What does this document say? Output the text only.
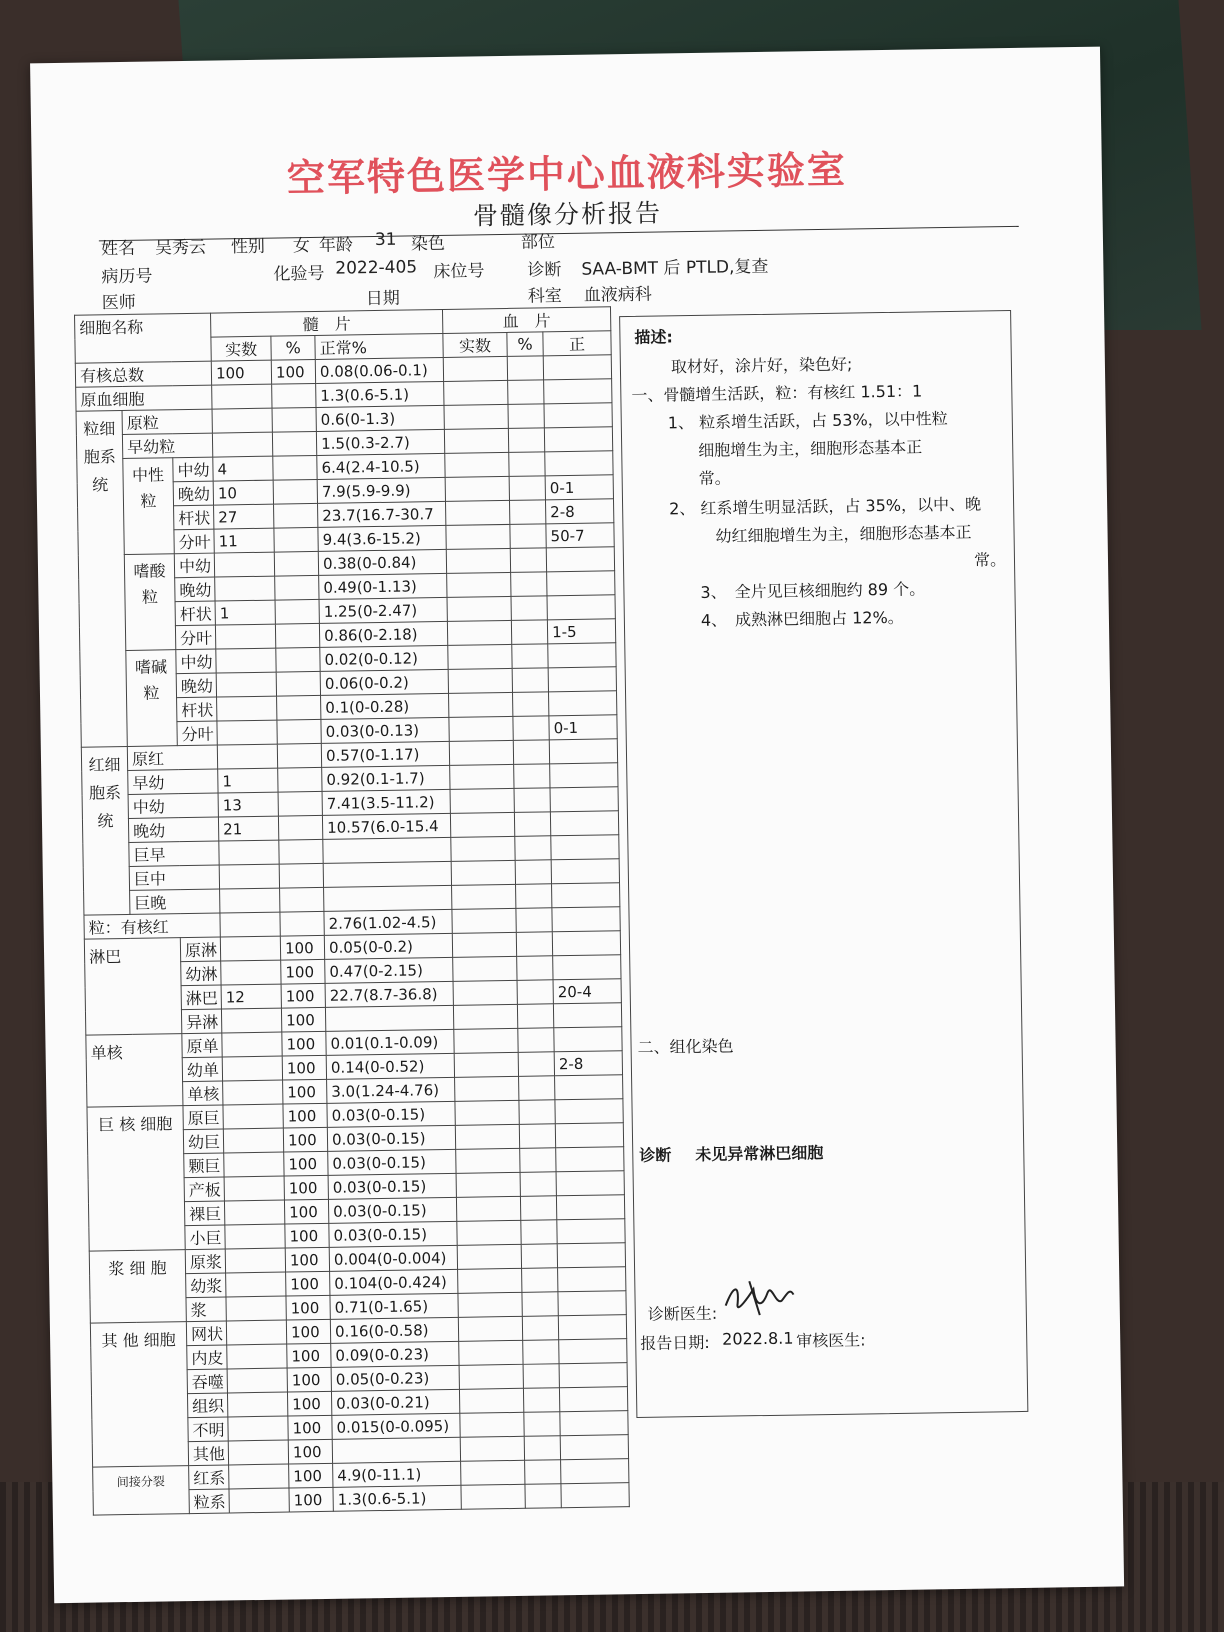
空军特色医学中心血液科实验室
骨髓像分析报告
姓名 吴秀云 性别 女 年龄 31 染色	部位
病历号	化验号 2022-405 床位号	诊断 SAA-BMT 后 PTLD,复查
医师	日期	科室 血液病科
细胞名称			髓　片			血　片		
			实数	%	正常%	实数	%	正
有核总数			100	100	0.08(0.06-0.1)			
原血细胞					1.3(0.6-5.1)			
粒细胞系统	原粒				0.6(0-1.3)			
	早幼粒				1.5(0.3-2.7)			
	中性粒	中幼	4		6.4(2.4-10.5)			
		晚幼	10		7.9(5.9-9.9)			0-1
		杆状	27		23.7(16.7-30.7			2-8
		分叶	11		9.4(3.6-15.2)			50-7
	嗜酸粒	中幼			0.38(0-0.84)			
		晚幼			0.49(0-1.13)			
		杆状	1		1.25(0-2.47)			
		分叶			0.86(0-2.18)			1-5
	嗜碱粒	中幼			0.02(0-0.12)			
		晚幼			0.06(0-0.2)			
		杆状			0.1(0-0.28)			
		分叶			0.03(0-0.13)			0-1
红细胞系统	原红				0.57(0-1.17)			
	早幼		1		0.92(0.1-1.7)			
	中幼		13		7.41(3.5-11.2)			
	晚幼		21		10.57(6.0-15.4			
	巨早							
	巨中							
	巨晚							
粒：有核红					2.76(1.02-4.5)			
淋巴		原淋		100	0.05(0-0.2)			
		幼淋		100	0.47(0-2.15)			
		淋巴	12	100	22.7(8.7-36.8)			20-4
		异淋		100				
单核		原单		100	0.01(0.1-0.09)			
		幼单		100	0.14(0-0.52)			2-8
		单核		100	3.0(1.24-4.76)			
巨 核 细胞		原巨		100	0.03(0-0.15)			
		幼巨		100	0.03(0-0.15)			
		颗巨		100	0.03(0-0.15)			
		产板		100	0.03(0-0.15)			
		裸巨		100	0.03(0-0.15)			
		小巨		100	0.03(0-0.15)			
浆 细 胞		原浆		100	0.004(0-0.004)			
		幼浆		100	0.104(0-0.424)			
		浆		100	0.71(0-1.65)			
其 他 细胞		网状		100	0.16(0-0.58)			
		内皮		100	0.09(0-0.23)			
		吞噬		100	0.05(0-0.23)			
		组织		100	0.03(0-0.21)			
		不明		100	0.015(0-0.095)			
		其他		100				
间接分裂		红系		100	4.9(0-11.1)			
		粒系		100	1.3(0.6-5.1)			
描述:
取材好，涂片好，染色好;
一、骨髓增生活跃，粒：有核红 1.51：1
1、 粒系增生活跃，占 53%，以中性粒
细胞增生为主，细胞形态基本正
常。
2、 红系增生明显活跃，占 35%，以中、晚
幼红细胞增生为主，细胞形态基本正
常。
3、　全片见巨核细胞约 89 个。
4、　成熟淋巴细胞占 12%。
二、组化染色
诊断 未见异常淋巴细胞
诊断医生:
报告日期: 2022.8.1 审核医生:
